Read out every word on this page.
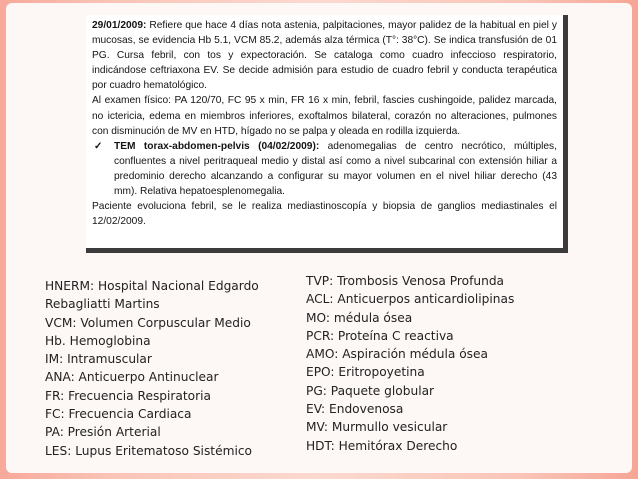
29/01/2009: Refiere que hace 4 días nota astenia, palpitaciones, mayor palidez de la habitual en piel y mucosas, se evidencia Hb 5.1, VCM 85.2, además alza térmica (T°: 38°C). Se indica transfusión de 01 PG. Cursa febril, con tos y expectoración. Se cataloga como cuadro infeccioso respiratorio, indicándose ceftriaxona EV. Se decide admisión para estudio de cuadro febril y conducta terapéutica por cuadro hematológico.

Al examen físico: PA 120/70, FC 95 x min, FR 16 x min, febril, fascies cushingoide, palidez marcada, no ictericia, edema en miembros inferiores, exoftalmos bilateral, corazón no alteraciones, pulmones con disminución de MV en HTD, hígado no se palpa y oleada en rodilla izquierda.

✓ TEM torax-abdomen-pelvis (04/02/2009): adenomegalias de centro necrótico, múltiples, confluentes a nivel peritraqueal medio y distal así como a nivel subcarinal con extensión hiliar a predominio derecho alcanzando a configurar su mayor volumen en el nivel hiliar derecho (43 mm). Relativa hepatoesplenomegalia.

Paciente evoluciona febril, se le realiza mediastinoscopía y biopsia de ganglios mediastinales el 12/02/2009.

HNERM: Hospital Nacional Edgardo
Rebagliatti Martins
VCM: Volumen Corpuscular Medio
Hb. Hemoglobina
IM: Intramuscular
ANA: Anticuerpo Antinuclear
FR: Frecuencia Respiratoria
FC: Frecuencia Cardiaca
PA: Presión Arterial
LES: Lupus Eritematoso Sistémico
TVP: Trombosis Venosa Profunda
ACL: Anticuerpos anticardiolipinas
MO: médula ósea
PCR: Proteína C reactiva
AMO: Aspiración médula ósea
EPO: Eritropoyetina
PG: Paquete globular
EV: Endovenosa
MV: Murmullo vesicular
HDT: Hemitórax Derecho
